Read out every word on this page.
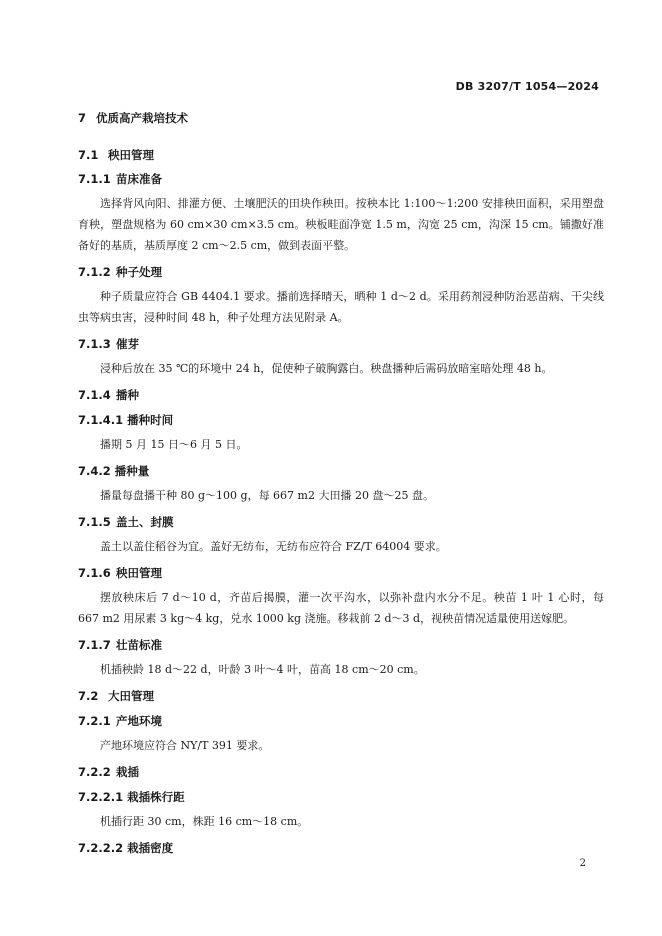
DB 3207/T 1054—2024

7 优质高产栽培技术

7.1 秧田管理

7.1.1 苗床准备

选择背风向阳、排灌方便、土壤肥沃的田块作秧田。按秧本比 1:100～1:200 安排秧田面积，采用塑盘育秧，塑盘规格为 60 cm×30 cm×3.5 cm。秧板畦面净宽 1.5 m，沟宽 25 cm，沟深 15 cm。铺撒好准备好的基质，基质厚度 2 cm～2.5 cm，做到表面平整。

7.1.2 种子处理

种子质量应符合 GB 4404.1 要求。播前选择晴天，晒种 1 d～2 d。采用药剂浸种防治恶苗病、干尖线虫等病虫害，浸种时间 48 h，种子处理方法见附录 A。

7.1.3 催芽

浸种后放在 35 ℃的环境中 24 h，促使种子破胸露白。秧盘播种后需码放暗室暗处理 48 h。

7.1.4 播种

7.1.4.1 播种时间

播期 5 月 15 日～6 月 5 日。

7.4.2 播种量

播量每盘播干种 80 g～100 g，每 667 m2 大田播 20 盘～25 盘。

7.1.5 盖土、封膜

盖土以盖住稻谷为宜。盖好无纺布，无纺布应符合 FZ/T 64004 要求。

7.1.6 秧田管理

摆放秧床后 7 d～10 d，齐苗后揭膜，灌一次平沟水，以弥补盘内水分不足。秧苗 1 叶 1 心时，每 667 m2 用尿素 3 kg～4 kg，兑水 1000 kg 浇施。移栽前 2 d～3 d，视秧苗情况适量使用送嫁肥。

7.1.7 壮苗标准

机插秧龄 18 d～22 d，叶龄 3 叶～4 叶，苗高 18 cm～20 cm。

7.2 大田管理

7.2.1 产地环境

产地环境应符合 NY/T 391 要求。

7.2.2 栽插

7.2.2.1 栽插株行距

机插行距 30 cm，株距 16 cm～18 cm。

7.2.2.2 栽插密度

2
